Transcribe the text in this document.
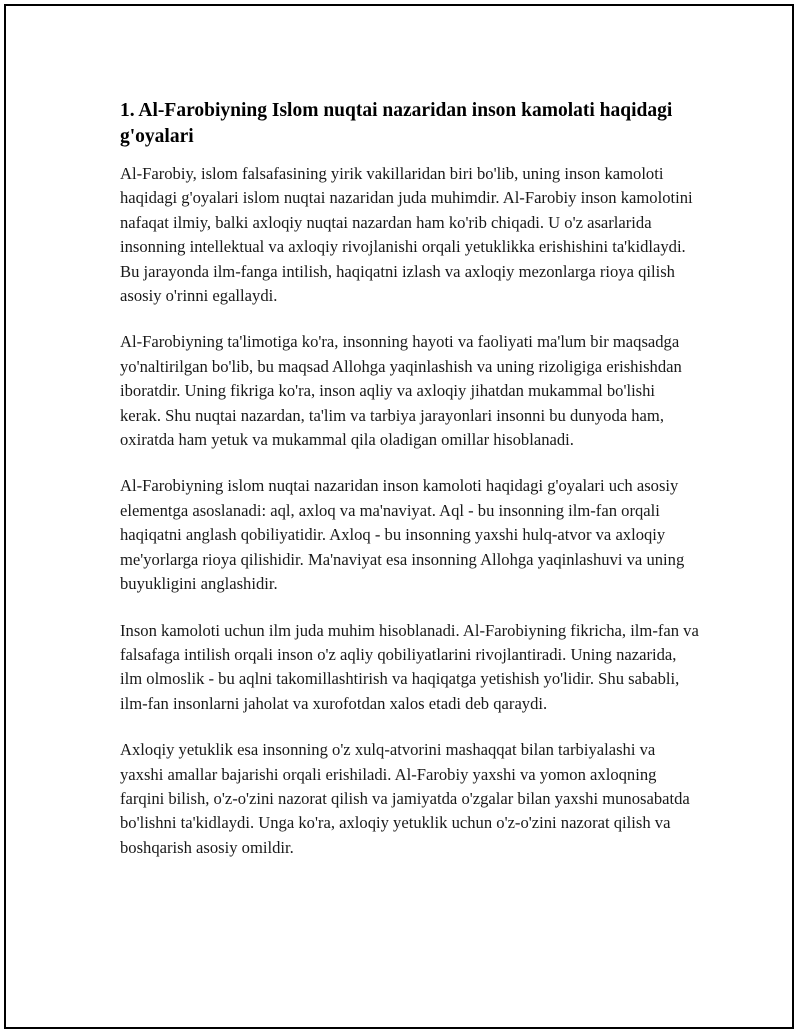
1. Al-Farobiyning Islom nuqtai nazaridan inson kamolati haqidagi g'oyalari

Al-Farobiy, islom falsafasining yirik vakillaridan biri bo'lib, uning inson kamoloti haqidagi g'oyalari islom nuqtai nazaridan juda muhimdir. Al-Farobiy inson kamolotini nafaqat ilmiy, balki axloqiy nuqtai nazardan ham ko'rib chiqadi. U o'z asarlarida insonning intellektual va axloqiy rivojlanishi orqali yetuklikka erishishini ta'kidlaydi. Bu jarayonda ilm-fanga intilish, haqiqatni izlash va axloqiy mezonlarga rioya qilish asosiy o'rinni egallaydi.

Al-Farobiyning ta'limotiga ko'ra, insonning hayoti va faoliyati ma'lum bir maqsadga yo'naltirilgan bo'lib, bu maqsad Allohga yaqinlashish va uning rizoligiga erishishdan iboratdir. Uning fikriga ko'ra, inson aqliy va axloqiy jihatdan mukammal bo'lishi kerak. Shu nuqtai nazardan, ta'lim va tarbiya jarayonlari insonni bu dunyoda ham, oxiratda ham yetuk va mukammal qila oladigan omillar hisoblanadi.

Al-Farobiyning islom nuqtai nazaridan inson kamoloti haqidagi g'oyalari uch asosiy elementga asoslanadi: aql, axloq va ma'naviyat. Aql - bu insonning ilm-fan orqali haqiqatni anglash qobiliyatidir. Axloq - bu insonning yaxshi hulq-atvor va axloqiy me'yorlarga rioya qilishidir. Ma'naviyat esa insonning Allohga yaqinlashuvi va uning buyukligini anglashidir.

Inson kamoloti uchun ilm juda muhim hisoblanadi. Al-Farobiyning fikricha, ilm-fan va falsafaga intilish orqali inson o'z aqliy qobiliyatlarini rivojlantiradi. Uning nazarida, ilm olmoslik - bu aqlni takomillashtirish va haqiqatga yetishish yo'lidir. Shu sababli, ilm-fan insonlarni jaholat va xurofotdan xalos etadi deb qaraydi.

Axloqiy yetuklik esa insonning o'z xulq-atvorini mashaqqat bilan tarbiyalashi va yaxshi amallar bajarishi orqali erishiladi. Al-Farobiy yaxshi va yomon axloqning farqini bilish, o'z-o'zini nazorat qilish va jamiyatda o'zgalar bilan yaxshi munosabatda bo'lishni ta'kidlaydi. Unga ko'ra, axloqiy yetuklik uchun o'z-o'zini nazorat qilish va boshqarish asosiy omildir.
